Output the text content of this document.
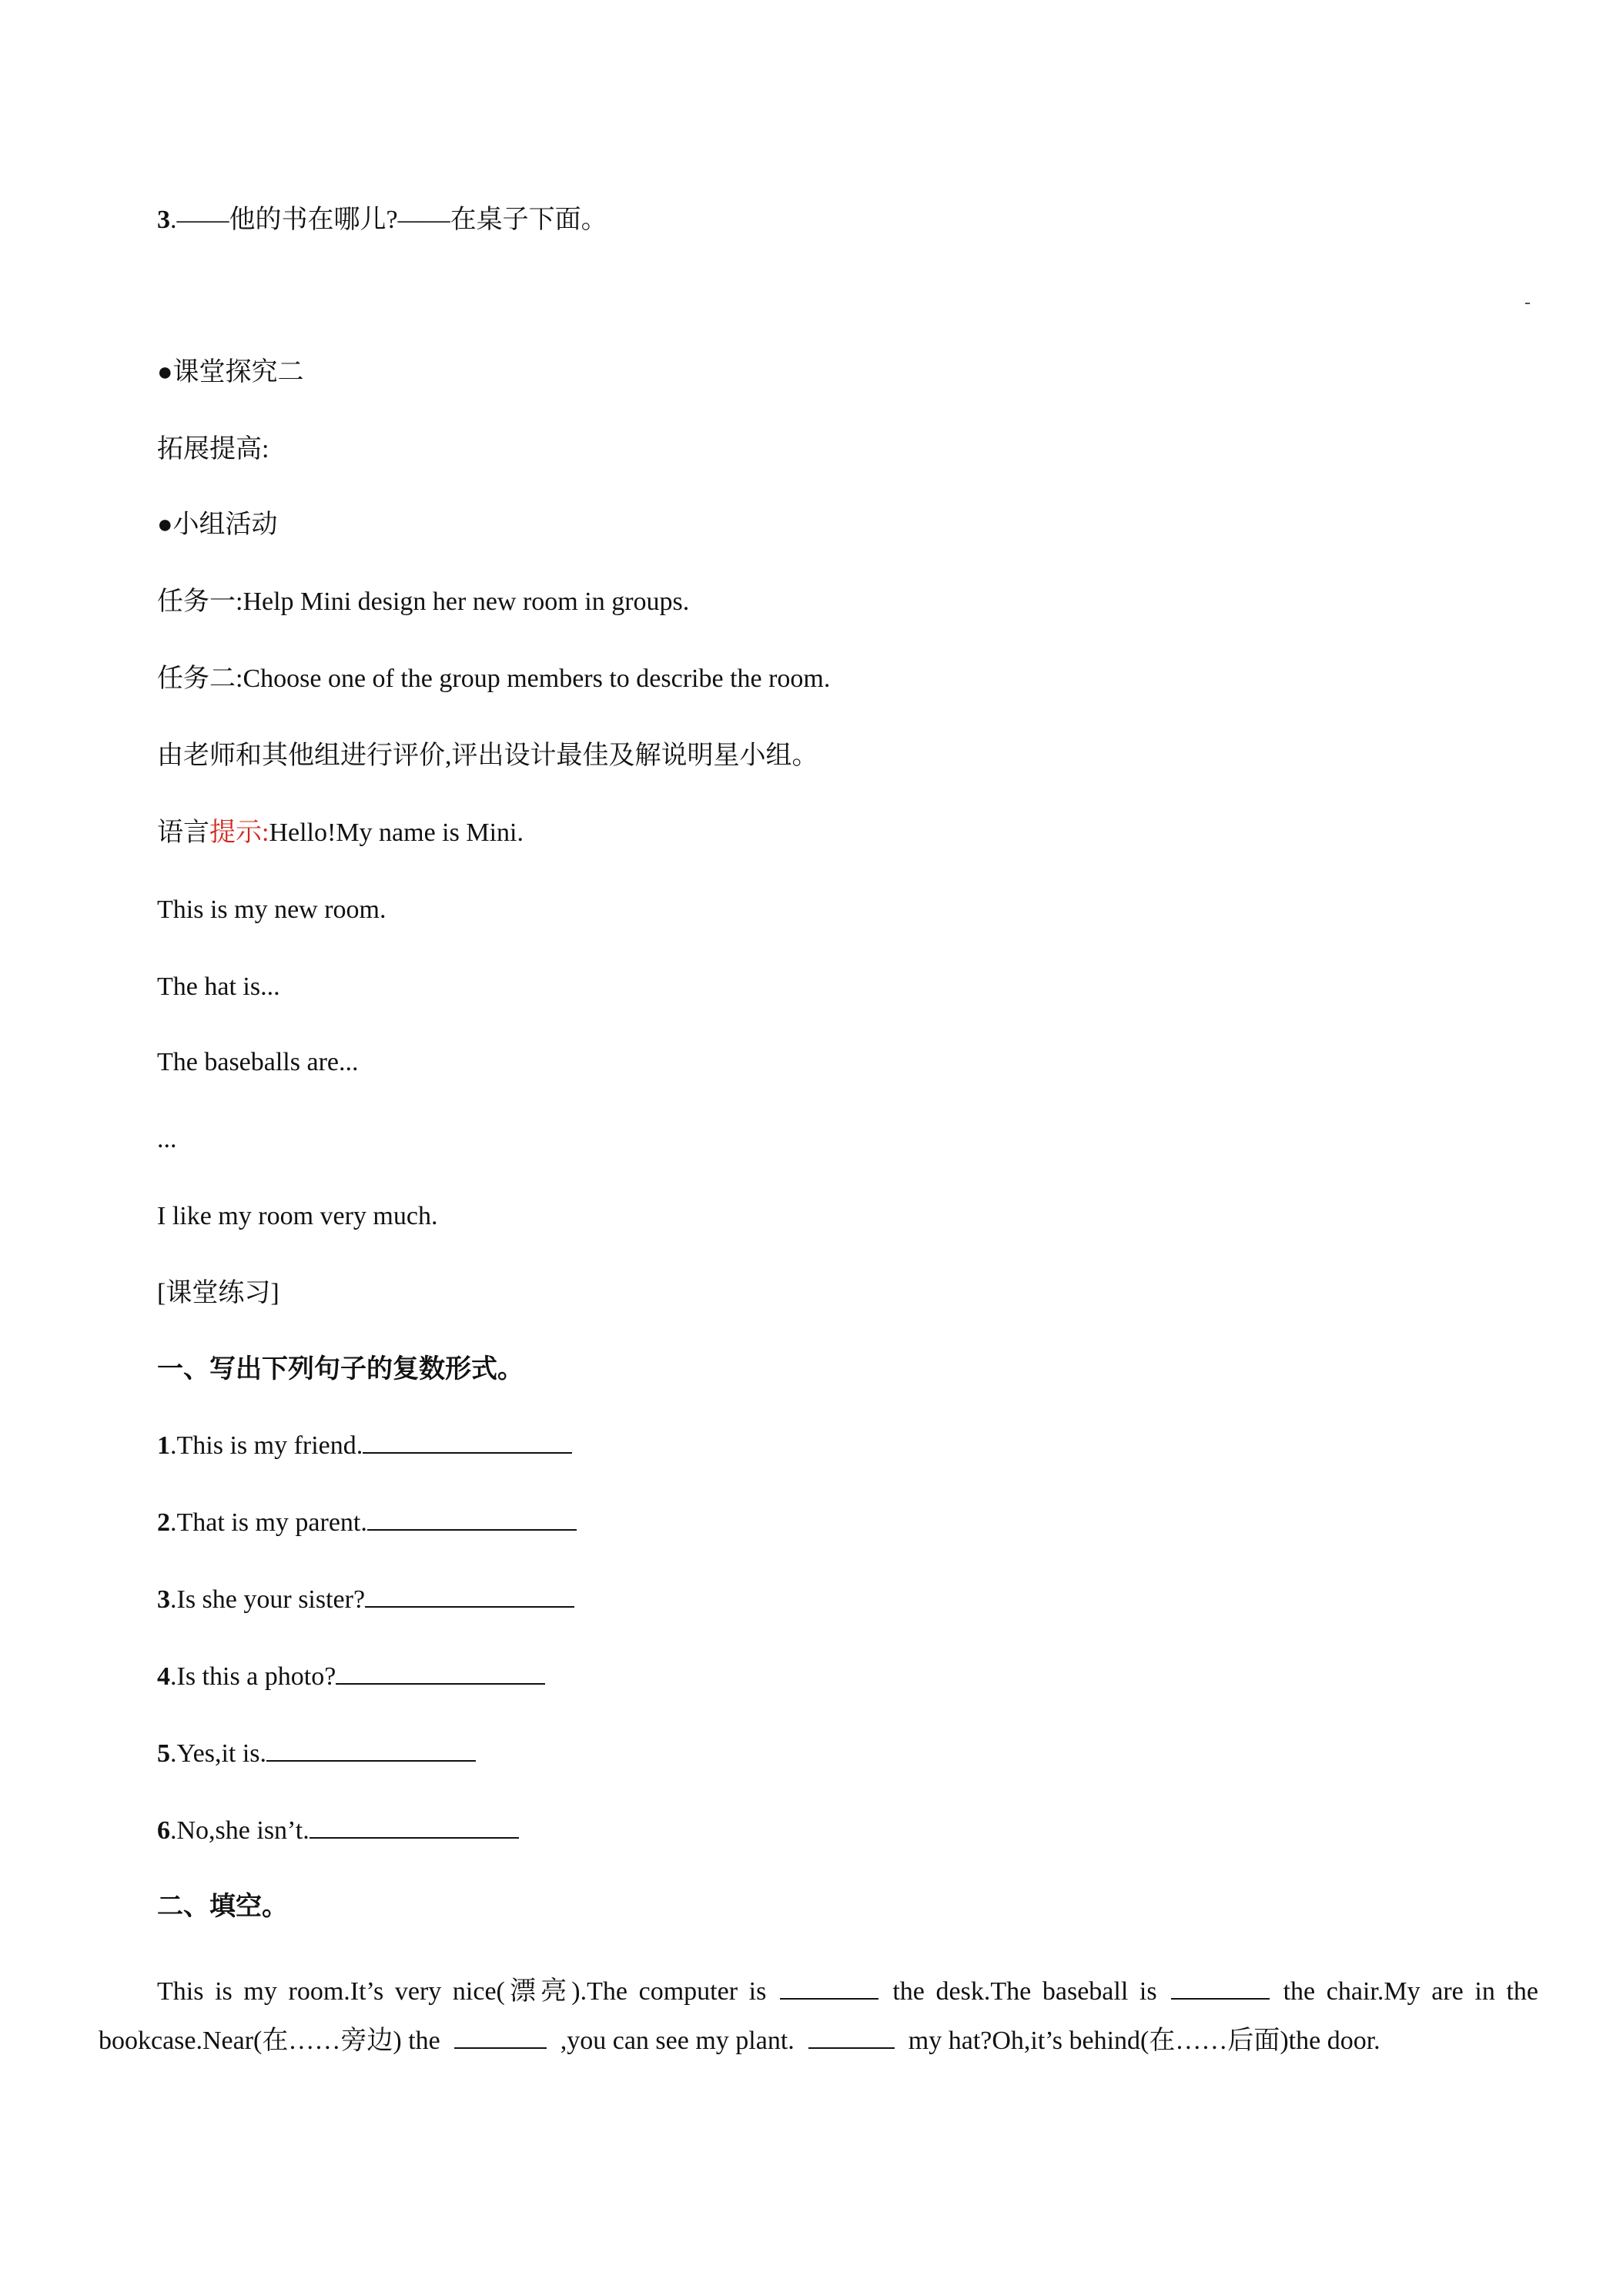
3.——他的书在哪儿?——在桌子下面。
-
●课堂探究二
拓展提高:
●小组活动
任务一:Help Mini design her new room in groups.
任务二:Choose one of the group members to describe the room.
由老师和其他组进行评价,评出设计最佳及解说明星小组。
语言提示:Hello!My name is Mini.
This is my new room.
The hat is...
The baseballs are...
...
I like my room very much.
[课堂练习]
一、写出下列句子的复数形式。
1.This is my friend.
2.That is my parent.
3.Is she your sister?
4.Is this a photo?
5.Yes,it is.
6.No,she isn’t.
二、填空。
This is my room.It’s very nice(漂亮).The computer is	the desk.The baseball is	the chair.My are in the bookcase.Near(在……旁边) the	,you can see my plant.	my hat?Oh,it’s behind(在……后面)the door.
